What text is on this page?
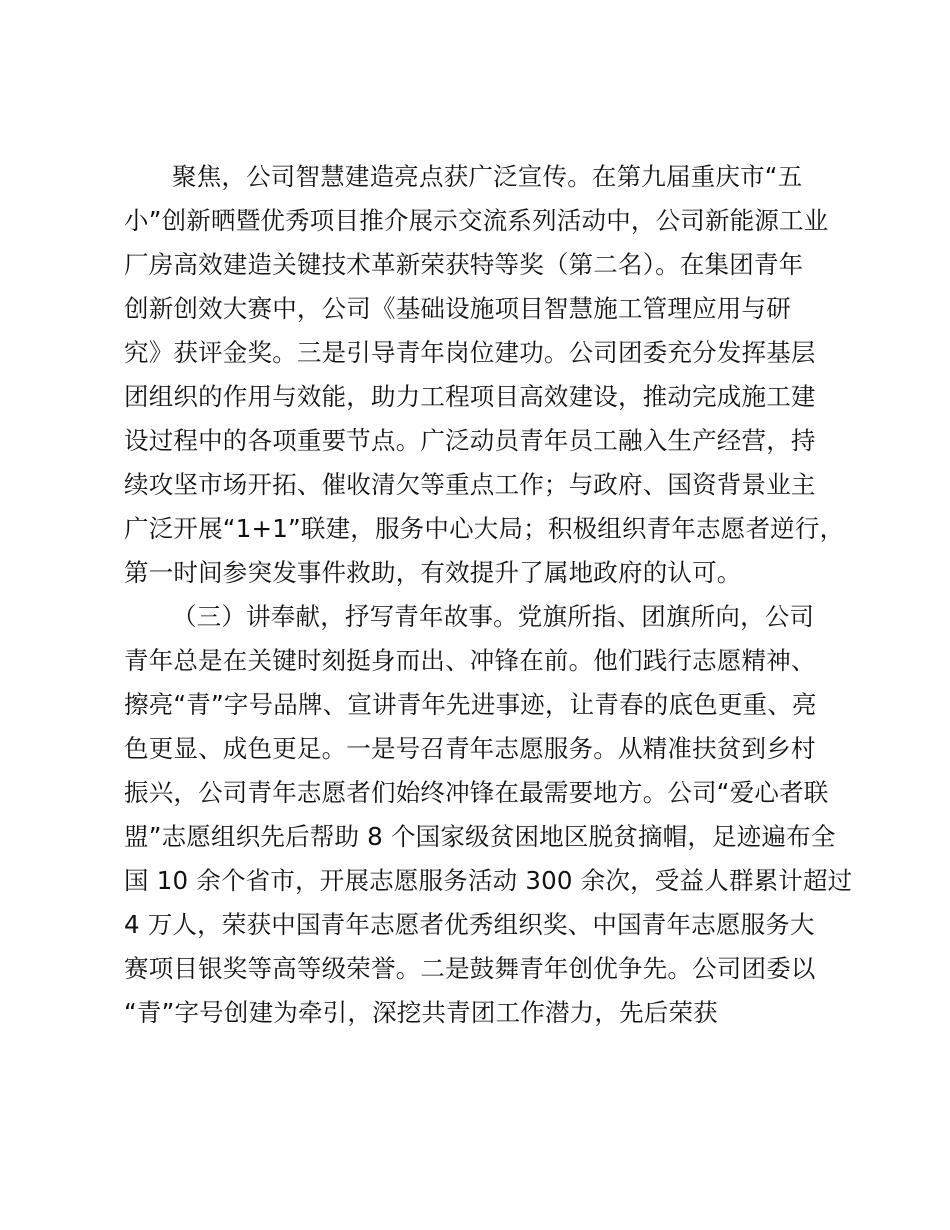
聚焦，公司智慧建造亮点获广泛宣传。在第九届重庆市“五
小”创新晒暨优秀项目推介展示交流系列活动中，公司新能源工业
厂房高效建造关键技术革新荣获特等奖（第二名）。在集团青年
创新创效大赛中，公司《基础设施项目智慧施工管理应用与研
究》获评金奖。三是引导青年岗位建功。公司团委充分发挥基层
团组织的作用与效能，助力工程项目高效建设，推动完成施工建
设过程中的各项重要节点。广泛动员青年员工融入生产经营，持
续攻坚市场开拓、催收清欠等重点工作；与政府、国资背景业主
广泛开展“1+1”联建，服务中心大局；积极组织青年志愿者逆行，
第一时间参突发事件救助，有效提升了属地政府的认可。
（三）讲奉献，抒写青年故事。党旗所指、团旗所向，公司
青年总是在关键时刻挺身而出、冲锋在前。他们践行志愿精神、
擦亮“青”字号品牌、宣讲青年先进事迹，让青春的底色更重、亮
色更显、成色更足。一是号召青年志愿服务。从精准扶贫到乡村
振兴，公司青年志愿者们始终冲锋在最需要地方。公司“爱心者联
盟”志愿组织先后帮助 8 个国家级贫困地区脱贫摘帽，足迹遍布全
国 10 余个省市，开展志愿服务活动 300 余次，受益人群累计超过
4 万人，荣获中国青年志愿者优秀组织奖、中国青年志愿服务大
赛项目银奖等高等级荣誉。二是鼓舞青年创优争先。公司团委以
“青”字号创建为牵引，深挖共青团工作潜力，先后荣获
